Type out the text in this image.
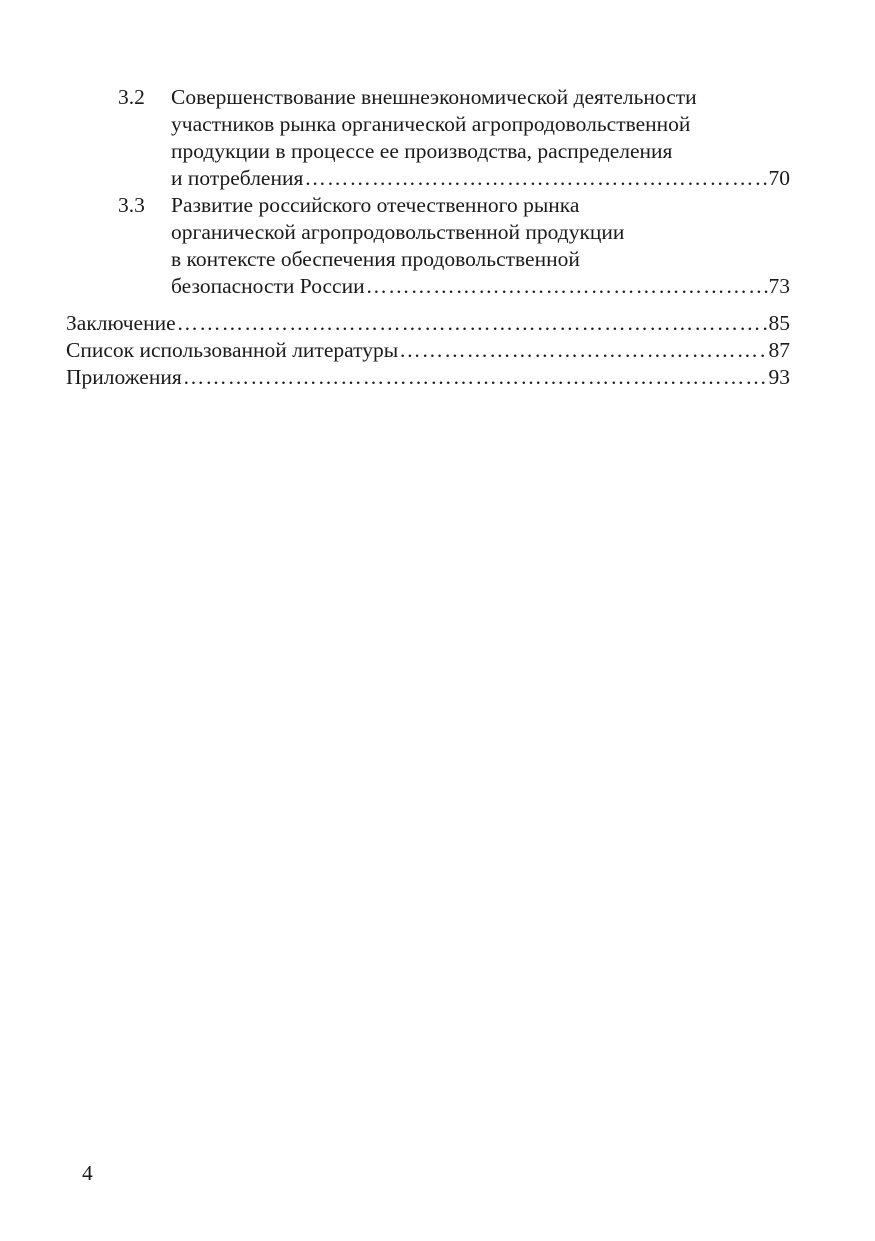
3.2	Совершенствование внешнеэкономической деятельности
участников рынка органической агропродовольственной
продукции в процессе ее производства, распределения
и потребления ……………………………………………………………………………………………………………………………………………	70
3.3	Развитие российского отечественного рынка
органической агропродовольственной продукции
в контексте обеспечения продовольственной
безопасности России ……………………………………………………………………………………………………………………………………………	73
Заключение ……………………………………………………………………………………………………………………………………………	85
Список использованной литературы ……………………………………………………………………………………………………………………………………………	87
Приложения ……………………………………………………………………………………………………………………………………………	93
4
